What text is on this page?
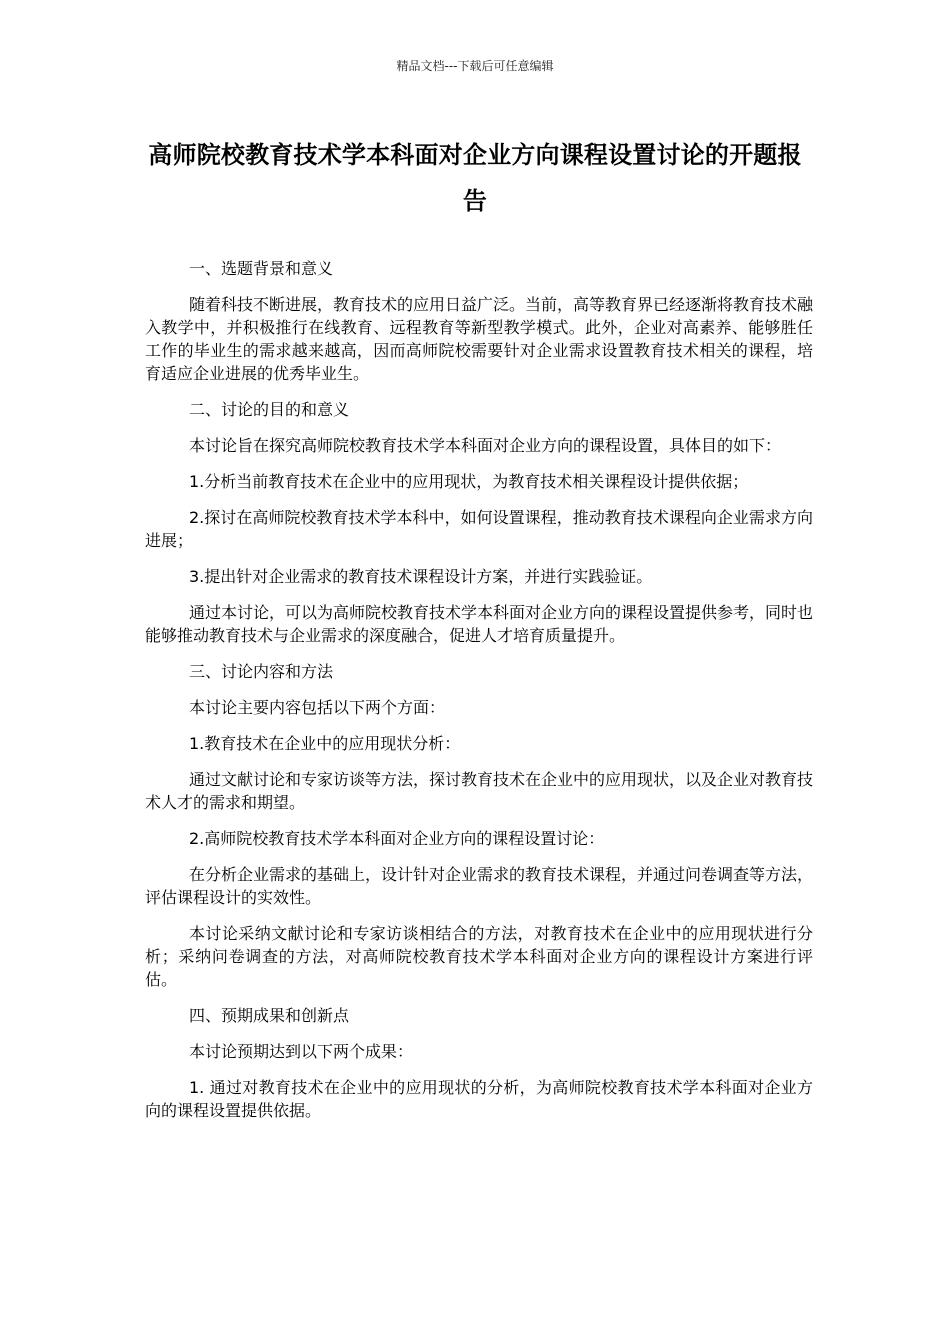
精品文档---下载后可任意编辑
高师院校教育技术学本科面对企业方向课程设置讨论的开题报告

一、选题背景和意义

随着科技不断进展，教育技术的应用日益广泛。当前，高等教育界已经逐渐将教育技术融入教学中，并积极推行在线教育、远程教育等新型教学模式。此外，企业对高素养、能够胜任工作的毕业生的需求越来越高，因而高师院校需要针对企业需求设置教育技术相关的课程，培育适应企业进展的优秀毕业生。

二、讨论的目的和意义

本讨论旨在探究高师院校教育技术学本科面对企业方向的课程设置，具体目的如下：

1.分析当前教育技术在企业中的应用现状，为教育技术相关课程设计提供依据；

2.探讨在高师院校教育技术学本科中，如何设置课程，推动教育技术课程向企业需求方向进展；

3.提出针对企业需求的教育技术课程设计方案，并进行实践验证。

通过本讨论，可以为高师院校教育技术学本科面对企业方向的课程设置提供参考，同时也能够推动教育技术与企业需求的深度融合，促进人才培育质量提升。

三、讨论内容和方法

本讨论主要内容包括以下两个方面：

1.教育技术在企业中的应用现状分析：

通过文献讨论和专家访谈等方法，探讨教育技术在企业中的应用现状，以及企业对教育技术人才的需求和期望。

2.高师院校教育技术学本科面对企业方向的课程设置讨论：

在分析企业需求的基础上，设计针对企业需求的教育技术课程，并通过问卷调查等方法，评估课程设计的实效性。

本讨论采纳文献讨论和专家访谈相结合的方法，对教育技术在企业中的应用现状进行分析；采纳问卷调查的方法，对高师院校教育技术学本科面对企业方向的课程设计方案进行评估。

四、预期成果和创新点

本讨论预期达到以下两个成果：

1. 通过对教育技术在企业中的应用现状的分析，为高师院校教育技术学本科面对企业方向的课程设置提供依据。
